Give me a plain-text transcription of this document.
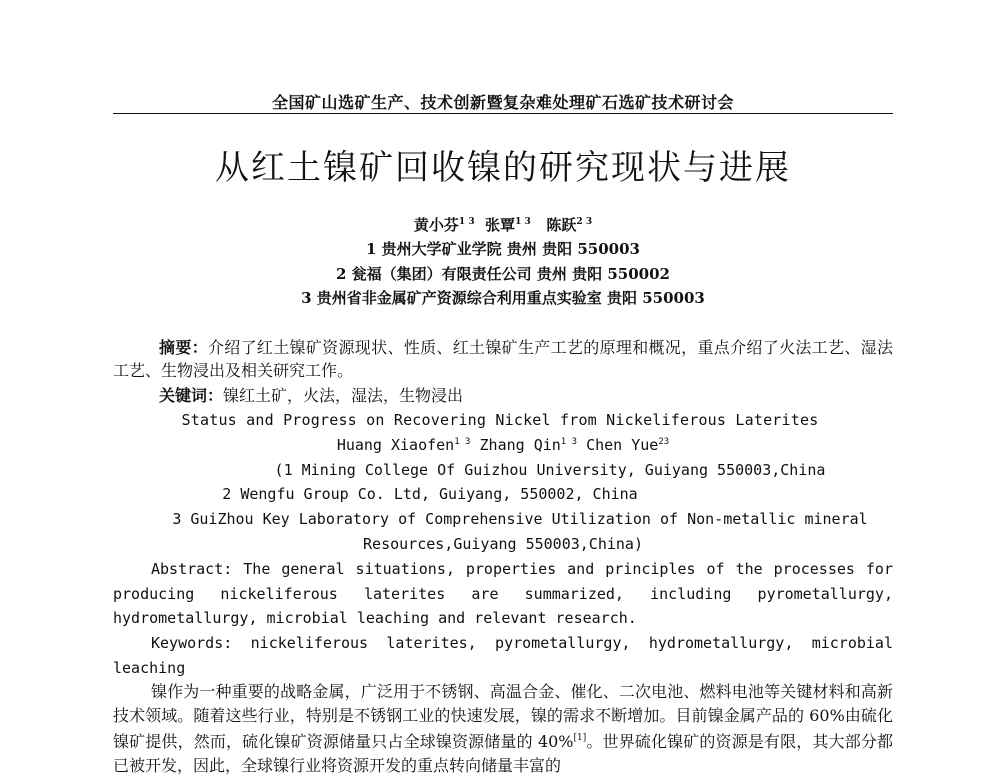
全国矿山选矿生产、技术创新暨复杂难处理矿石选矿技术研讨会
从红土镍矿回收镍的研究现状与进展
黄小芬$^{1 3}$ 张覃$^{1 3}$ 陈跃$^{2 3}$
1 贵州大学矿业学院 贵州 贵阳 550003
2 瓮福（集团）有限责任公司 贵州 贵阳 550002
3 贵州省非金属矿产资源综合利用重点实验室 贵阳 550003
摘要：介绍了红土镍矿资源现状、性质、红土镍矿生产工艺的原理和概况，重点介绍了火法工艺、湿法工艺、生物浸出及相关研究工作。
关键词：镍红土矿，火法，湿法，生物浸出
Status and Progress on Recovering Nickel from Nickeliferous Laterites
Huang Xiaofen$^{1 3}$ Zhang Qin$^{1 3}$ Chen Yue$^{23}$
(1 Mining College Of Guizhou University, Guiyang 550003,China
2 Wengfu Group Co. Ltd, Guiyang, 550002, China
3 GuiZhou Key Laboratory of Comprehensive Utilization of Non-metallic mineral
Resources,Guiyang 550003,China)
Abstract: The general situations, properties and principles of the processes for producing nickeliferous laterites are summarized, including pyrometallurgy, hydrometallurgy, microbial leaching and relevant research.
Keywords: nickeliferous laterites, pyrometallurgy, hydrometallurgy, microbial leaching
镍作为一种重要的战略金属，广泛用于不锈钢、高温合金、催化、二次电池、燃料电池等关键材料和高新技术领域。随着这些行业，特别是不锈钢工业的快速发展，镍的需求不断增加。目前镍金属产品的 60%由硫化镍矿提供，然而，硫化镍矿资源储量只占全球镍资源储量的 40%[1]。世界硫化镍矿的资源是有限，其大部分都已被开发，因此，全球镍行业将资源开发的重点转向储量丰富的
